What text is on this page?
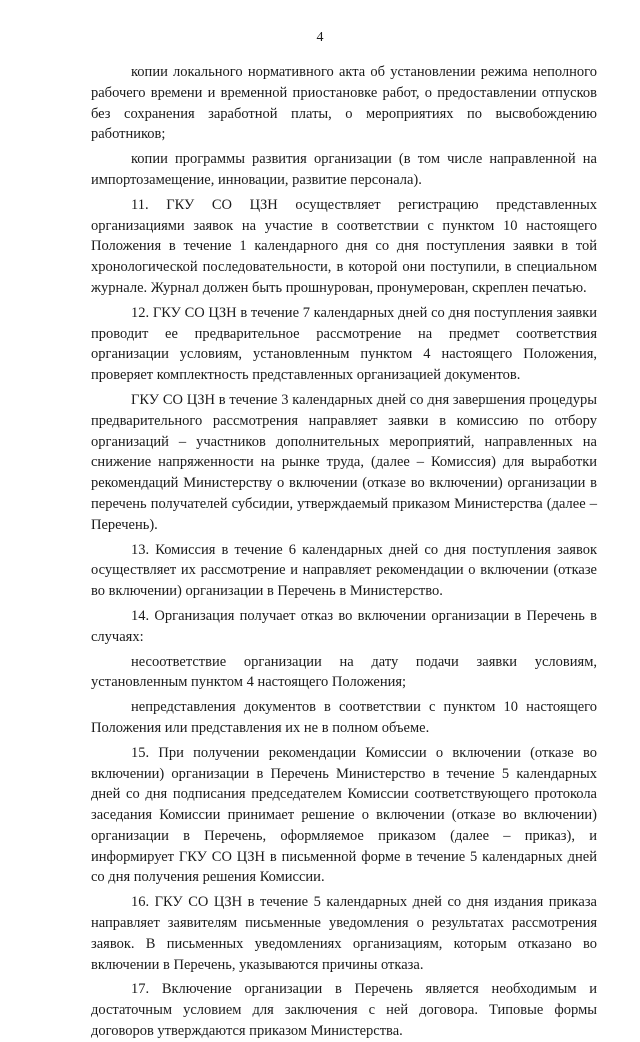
4

копии локального нормативного акта об установлении режима неполного рабочего времени и временной приостановке работ, о предоставлении отпусков без сохранения заработной платы, о мероприятиях по высвобождению работников;

копии программы развития организации (в том числе направленной на импортозамещение, инновации, развитие персонала).

11. ГКУ СО ЦЗН осуществляет регистрацию представленных организациями заявок на участие в соответствии с пунктом 10 настоящего Положения в течение 1 календарного дня со дня поступления заявки в той хронологической последовательности, в которой они поступили, в специальном журнале. Журнал должен быть прошнурован, пронумерован, скреплен печатью.

12. ГКУ СО ЦЗН в течение 7 календарных дней со дня поступления заявки проводит ее предварительное рассмотрение на предмет соответствия организации условиям, установленным пунктом 4 настоящего Положения, проверяет комплектность представленных организацией документов.

ГКУ СО ЦЗН в течение 3 календарных дней со дня завершения процедуры предварительного рассмотрения направляет заявки в комиссию по отбору организаций – участников дополнительных мероприятий, направленных на снижение напряженности на рынке труда, (далее – Комиссия) для выработки рекомендаций Министерству о включении (отказе во включении) организации в перечень получателей субсидии, утверждаемый приказом Министерства (далее – Перечень).

13. Комиссия в течение 6 календарных дней со дня поступления заявок осуществляет их рассмотрение и направляет рекомендации о включении (отказе во включении) организации в Перечень в Министерство.

14. Организация получает отказ во включении организации в Перечень в случаях:

несоответствие организации на дату подачи заявки условиям, установленным пунктом 4 настоящего Положения;

непредставления документов в соответствии с пунктом 10 настоящего Положения или представления их не в полном объеме.

15. При получении рекомендации Комиссии о включении (отказе во включении) организации в Перечень Министерство в течение 5 календарных дней со дня подписания председателем Комиссии соответствующего протокола заседания Комиссии принимает решение о включении (отказе во включении) организации в Перечень, оформляемое приказом (далее – приказ), и информирует ГКУ СО ЦЗН в письменной форме в течение 5 календарных дней со дня получения решения Комиссии.

16. ГКУ СО ЦЗН в течение 5 календарных дней со дня издания приказа направляет заявителям письменные уведомления о результатах рассмотрения заявок. В письменных уведомлениях организациям, которым отказано во включении в Перечень, указываются причины отказа.

17. Включение организации в Перечень является необходимым и достаточным условием для заключения с ней договора. Типовые формы договоров утверждаются приказом Министерства.
